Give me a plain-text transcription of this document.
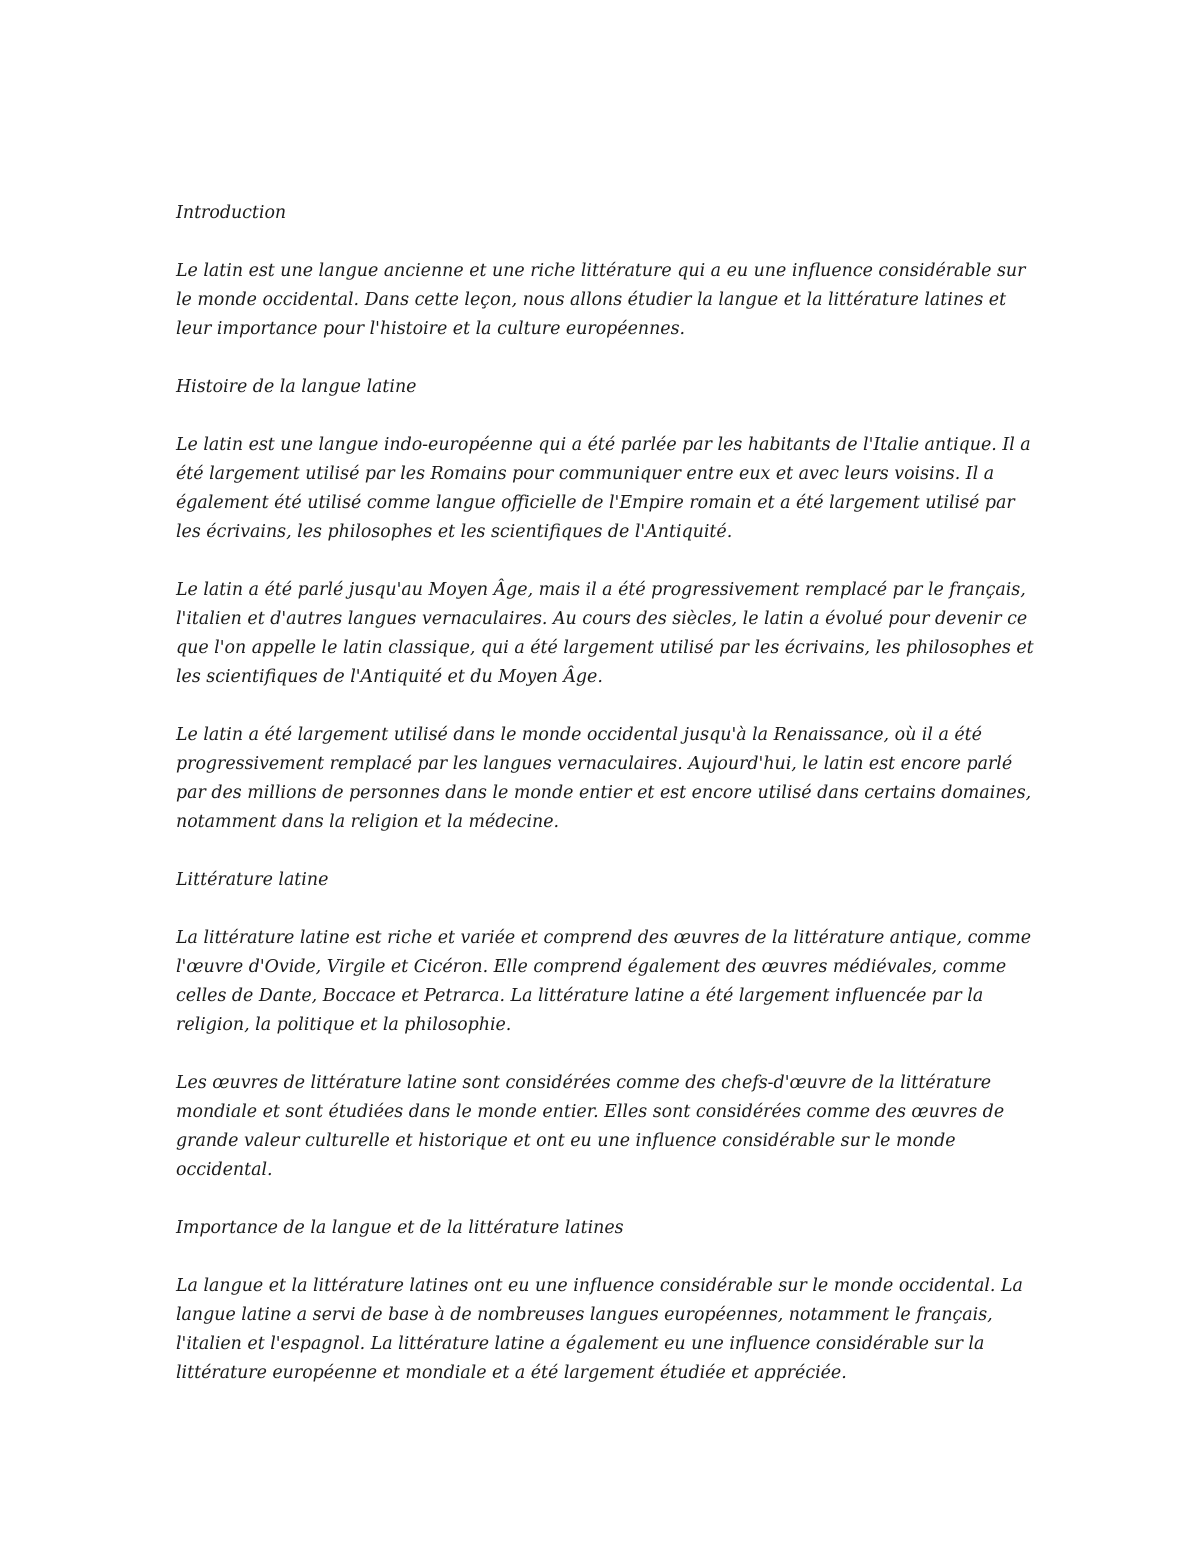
Introduction

Le latin est une langue ancienne et une riche littérature qui a eu une influence considérable sur le monde occidental. Dans cette leçon, nous allons étudier la langue et la littérature latines et leur importance pour l'histoire et la culture européennes.

Histoire de la langue latine

Le latin est une langue indo-européenne qui a été parlée par les habitants de l'Italie antique. Il a été largement utilisé par les Romains pour communiquer entre eux et avec leurs voisins. Il a également été utilisé comme langue officielle de l'Empire romain et a été largement utilisé par les écrivains, les philosophes et les scientifiques de l'Antiquité.

Le latin a été parlé jusqu'au Moyen Âge, mais il a été progressivement remplacé par le français, l'italien et d'autres langues vernaculaires. Au cours des siècles, le latin a évolué pour devenir ce que l'on appelle le latin classique, qui a été largement utilisé par les écrivains, les philosophes et les scientifiques de l'Antiquité et du Moyen Âge.

Le latin a été largement utilisé dans le monde occidental jusqu'à la Renaissance, où il a été progressivement remplacé par les langues vernaculaires. Aujourd'hui, le latin est encore parlé par des millions de personnes dans le monde entier et est encore utilisé dans certains domaines, notamment dans la religion et la médecine.

Littérature latine

La littérature latine est riche et variée et comprend des œuvres de la littérature antique, comme l'œuvre d'Ovide, Virgile et Cicéron. Elle comprend également des œuvres médiévales, comme celles de Dante, Boccace et Petrarca. La littérature latine a été largement influencée par la religion, la politique et la philosophie.

Les œuvres de littérature latine sont considérées comme des chefs-d'œuvre de la littérature mondiale et sont étudiées dans le monde entier. Elles sont considérées comme des œuvres de grande valeur culturelle et historique et ont eu une influence considérable sur le monde occidental.

Importance de la langue et de la littérature latines

La langue et la littérature latines ont eu une influence considérable sur le monde occidental. La langue latine a servi de base à de nombreuses langues européennes, notamment le français, l'italien et l'espagnol. La littérature latine a également eu une influence considérable sur la littérature européenne et mondiale et a été largement étudiée et appréciée.
